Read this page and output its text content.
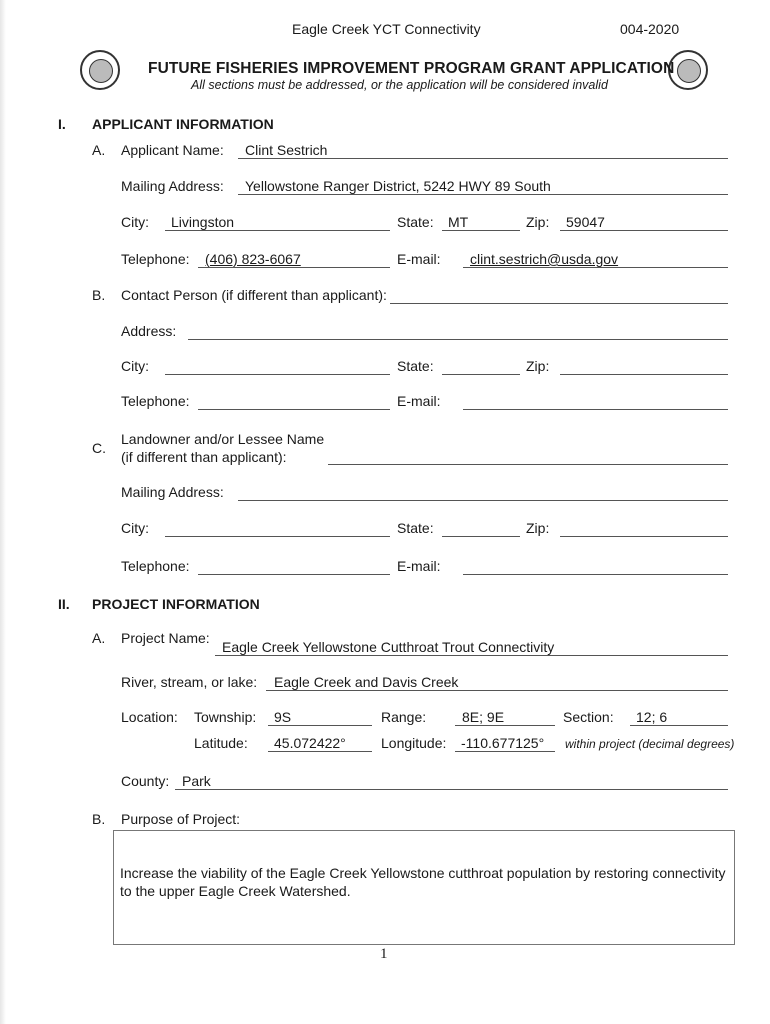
Eagle Creek YCT Connectivity	004-2020
FUTURE FISHERIES IMPROVEMENT PROGRAM GRANT APPLICATION
All sections must be addressed, or the application will be considered invalid
I. APPLICANT INFORMATION
A. Applicant Name: Clint Sestrich
Mailing Address: Yellowstone Ranger District, 5242 HWY 89 South
City: Livingston	State: MT	Zip: 59047
Telephone: (406) 823-6067	E-mail: clint.sestrich@usda.gov
B. Contact Person (if different than applicant):
Address:
City:	State:	Zip:
Telephone:	E-mail:
C.
Landowner and/or Lessee Name
(if different than applicant):
Mailing Address:
City:	State:	Zip:
Telephone:	E-mail:
II. PROJECT INFORMATION
A. Project Name:
Eagle Creek Yellowstone Cutthroat Trout Connectivity
River, stream, or lake: Eagle Creek and Davis Creek
Location: Township: 9S	Range:	8E; 9E	Section: 12; 6
Latitude: 45.072422°	Longitude: -110.677125° within project (decimal degrees)
County: Park
B. Purpose of Project:
Increase the viability of the Eagle Creek Yellowstone cutthroat population by restoring connectivity to the upper Eagle Creek Watershed.
1
